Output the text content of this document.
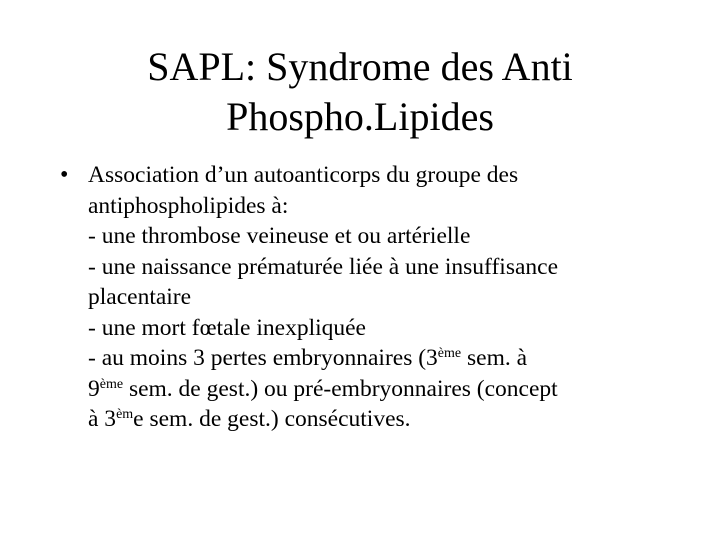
SAPL: Syndrome des Anti
Phospho.Lipides
• Association d’un autoanticorps du groupe des
antiphospholipides à:
- une thrombose veineuse et ou artérielle
- une naissance prématurée liée à une insuffisance
placentaire
- une mort fœtale inexpliquée
- au moins 3 pertes embryonnaires (3ème sem. à
9ème sem. de gest.) ou pré-embryonnaires (concept
à $3^{èm}e$ sem. de gest.) consécutives.
